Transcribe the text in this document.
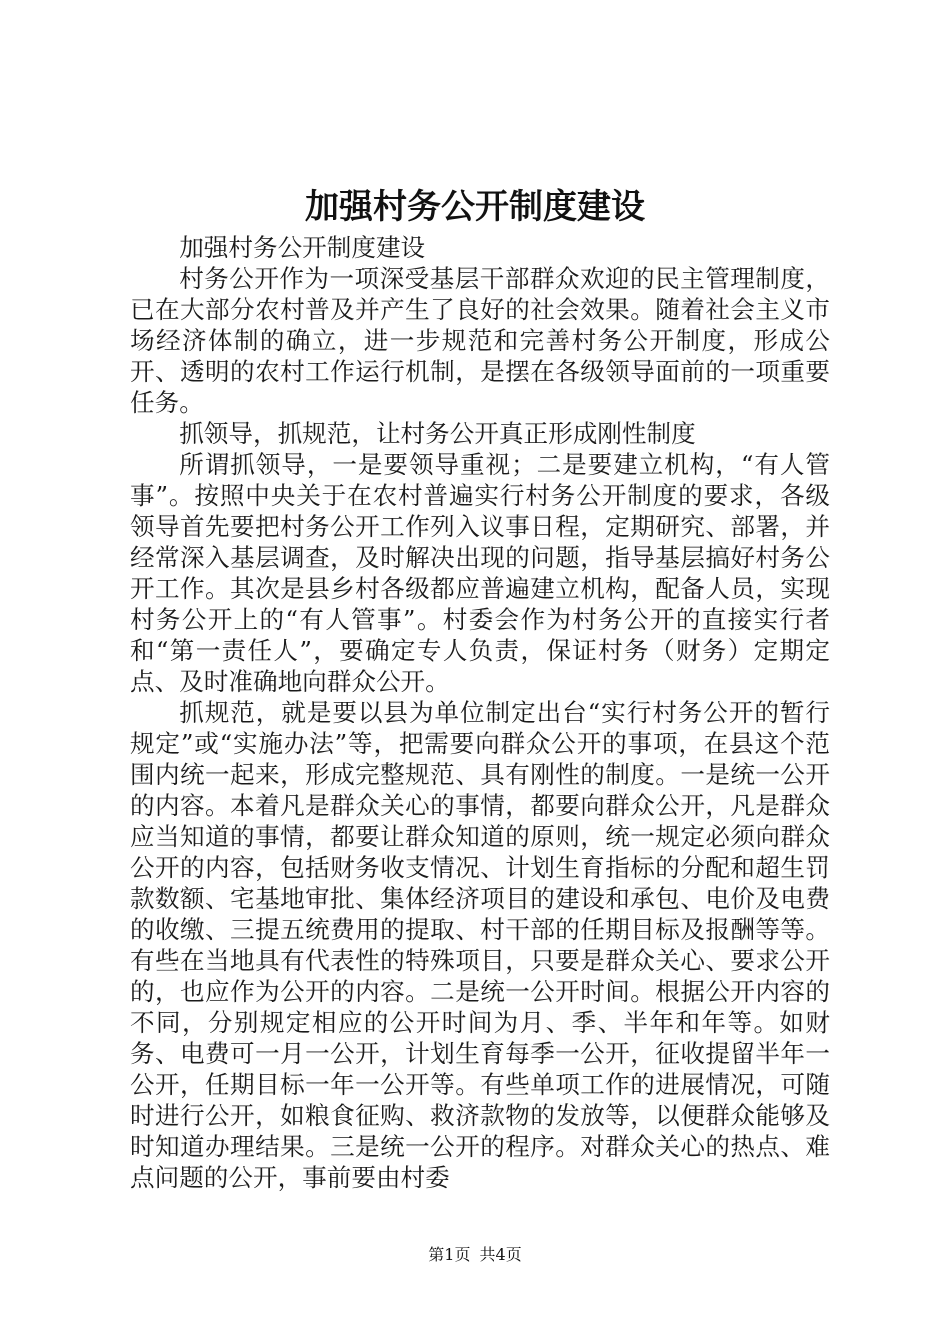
加强村务公开制度建设

加强村务公开制度建设

村务公开作为一项深受基层干部群众欢迎的民主管理制度，已在大部分农村普及并产生了良好的社会效果。随着社会主义市场经济体制的确立，进一步规范和完善村务公开制度，形成公开、透明的农村工作运行机制，是摆在各级领导面前的一项重要任务。

抓领导，抓规范，让村务公开真正形成刚性制度

所谓抓领导，一是要领导重视；二是要建立机构，“有人管事”。按照中央关于在农村普遍实行村务公开制度的要求，各级领导首先要把村务公开工作列入议事日程，定期研究、部署，并经常深入基层调查，及时解决出现的问题，指导基层搞好村务公开工作。其次是县乡村各级都应普遍建立机构，配备人员，实现村务公开上的“有人管事”。村委会作为村务公开的直接实行者和“第一责任人”，要确定专人负责，保证村务（财务）定期定点、及时准确地向群众公开。

抓规范，就是要以县为单位制定出台“实行村务公开的暂行规定”或“实施办法”等，把需要向群众公开的事项，在县这个范围内统一起来，形成完整规范、具有刚性的制度。一是统一公开的内容。本着凡是群众关心的事情，都要向群众公开，凡是群众应当知道的事情，都要让群众知道的原则，统一规定必须向群众公开的内容，包括财务收支情况、计划生育指标的分配和超生罚款数额、宅基地审批、集体经济项目的建设和承包、电价及电费的收缴、三提五统费用的提取、村干部的任期目标及报酬等等。有些在当地具有代表性的特殊项目，只要是群众关心、要求公开的，也应作为公开的内容。二是统一公开时间。根据公开内容的不同，分别规定相应的公开时间为月、季、半年和年等。如财务、电费可一月一公开，计划生育每季一公开，征收提留半年一公开，任期目标一年一公开等。有些单项工作的进展情况，可随时进行公开，如粮食征购、救济款物的发放等，以便群众能够及时知道办理结果。三是统一公开的程序。对群众关心的热点、难点问题的公开，事前要由村委

第1页 共4页
